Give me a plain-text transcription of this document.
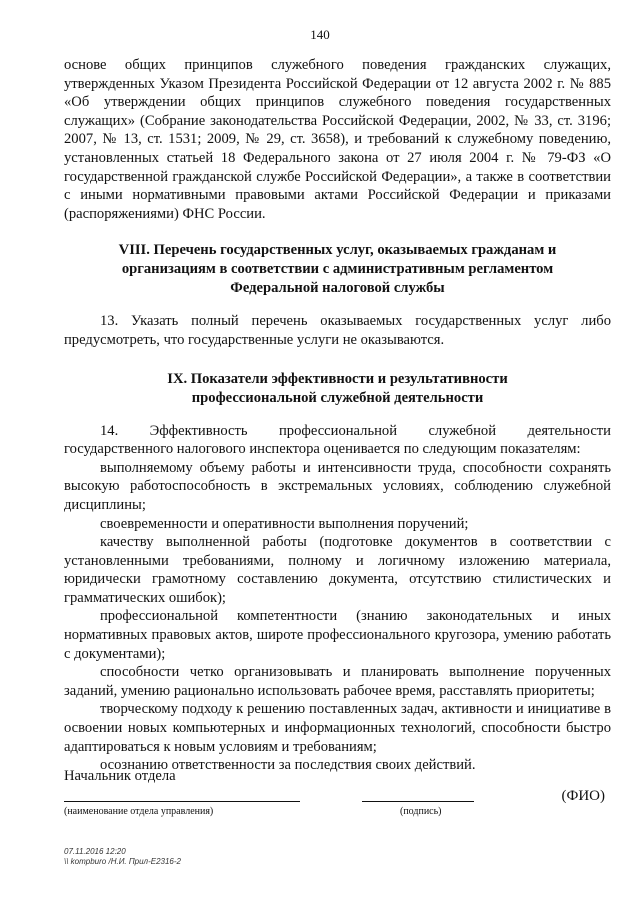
140

основе общих принципов служебного поведения гражданских служащих, утвержденных Указом Президента Российской Федерации от 12 августа 2002 г. № 885 «Об утверждении общих принципов служебного поведения государственных служащих» (Собрание законодательства Российской Федерации, 2002, № 33, ст. 3196; 2007, № 13, ст. 1531; 2009, № 29, ст. 3658), и требований к служебному поведению, установленных статьей 18 Федерального закона от 27 июля 2004 г. № 79-ФЗ «О государственной гражданской службе Российской Федерации», а также в соответствии с иными нормативными правовыми актами Российской Федерации и приказами (распоряжениями) ФНС России.

VIII. Перечень государственных услуг, оказываемых гражданам и
организациям в соответствии с административным регламентом
Федеральной налоговой службы

13. Указать полный перечень оказываемых государственных услуг либо предусмотреть, что государственные услуги не оказываются.

IX. Показатели эффективности и результативности
профессиональной служебной деятельности

14. Эффективность профессиональной служебной деятельности государственного налогового инспектора оценивается по следующим показателям:

выполняемому объему работы и интенсивности труда, способности сохранять высокую работоспособность в экстремальных условиях, соблюдению служебной дисциплины;

своевременности и оперативности выполнения поручений;

качеству выполненной работы (подготовке документов в соответствии с установленными требованиями, полному и логичному изложению материала, юридически грамотному составлению документа, отсутствию стилистических и грамматических ошибок);

профессиональной компетентности (знанию законодательных и иных нормативных правовых актов, широте профессионального кругозора, умению работать с документами);

способности четко организовывать и планировать выполнение порученных заданий, умению рационально использовать рабочее время, расставлять приоритеты;

творческому подходу к решению поставленных задач, активности и инициативе в освоении новых компьютерных и информационных технологий, способности быстро адаптироваться к новым условиям и требованиям;

осознанию ответственности за последствия своих действий.

Начальник отдела
(наименование отдела управления)	(подпись)
(ФИО)
07.11.2016 12:20
\\ kompburo /Н.И. Прил-Е2316-2
